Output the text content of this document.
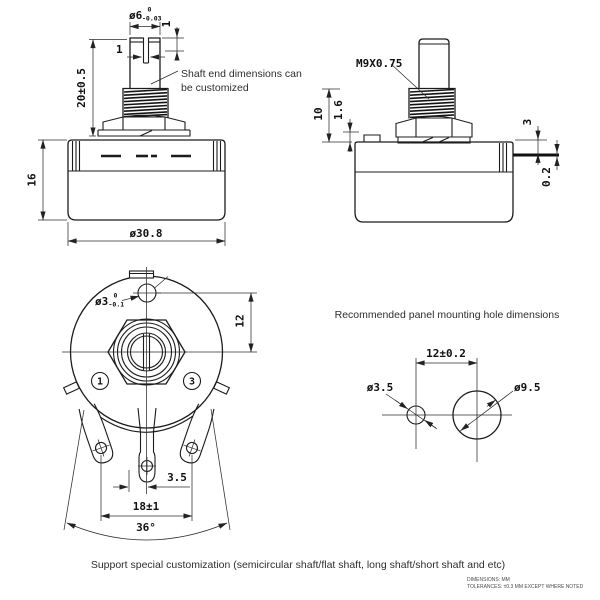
ø6 0
-0.03
1
1
20±0.5
16
ø30.8
Shaft end dimensions can
be customized
M9X0.75
10 1.6
3
0.2
ø3 0
-0.1
12
1	3
36°
3.5
18±1
Recommended panel mounting hole dimensions
12±0.2
ø3.5	ø9.5
Support special customization (semicircular shaft/flat shaft, long shaft/short shaft and etc)
DIMENSIONS: MM
TOLERANCES: ±0.3 MM EXCEPT WHERE NOTED
